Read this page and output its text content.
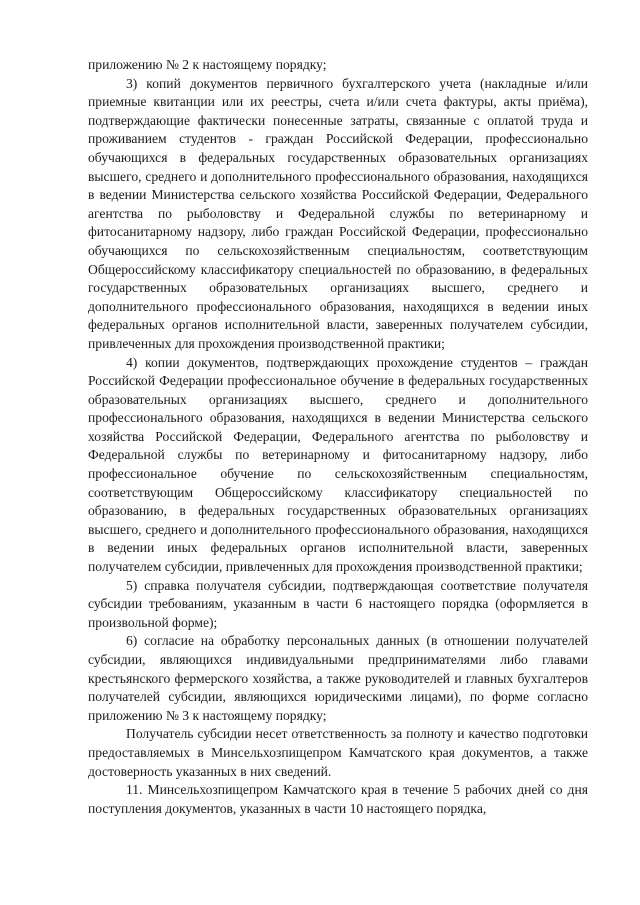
приложению № 2 к настоящему порядку;

3) копий документов первичного бухгалтерского учета (накладные и/или приемные квитанции или их реестры, счета и/или счета фактуры, акты приёма), подтверждающие фактически понесенные затраты, связанные с оплатой труда и проживанием студентов - граждан Российской Федерации, профессионально обучающихся в федеральных государственных образовательных организациях высшего, среднего и дополнительного профессионального образования, находящихся в ведении Министерства сельского хозяйства Российской Федерации, Федерального агентства по рыболовству и Федеральной службы по ветеринарному и фитосанитарному надзору, либо граждан Российской Федерации, профессионально обучающихся по сельскохозяйственным специальностям, соответствующим Общероссийскому классификатору специальностей по образованию, в федеральных государственных образовательных организациях высшего, среднего и дополнительного профессионального образования, находящихся в ведении иных федеральных органов исполнительной власти, заверенных получателем субсидии, привлеченных для прохождения производственной практики;

4) копии документов, подтверждающих прохождение студентов – граждан Российской Федерации профессиональное обучение в федеральных государственных образовательных организациях высшего, среднего и дополнительного профессионального образования, находящихся в ведении Министерства сельского хозяйства Российской Федерации, Федерального агентства по рыболовству и Федеральной службы по ветеринарному и фитосанитарному надзору, либо профессиональное обучение по сельскохозяйственным специальностям, соответствующим Общероссийскому классификатору специальностей по образованию, в федеральных государственных образовательных организациях высшего, среднего и дополнительного профессионального образования, находящихся в ведении иных федеральных органов исполнительной власти, заверенных получателем субсидии, привлеченных для прохождения производственной практики;

5) справка получателя субсидии, подтверждающая соответствие получателя субсидии требованиям, указанным в части 6 настоящего порядка (оформляется в произвольной форме);

6) согласие на обработку персональных данных (в отношении получателей субсидии, являющихся индивидуальными предпринимателями либо главами крестьянского фермерского хозяйства, а также руководителей и главных бухгалтеров получателей субсидии, являющихся юридическими лицами), по форме согласно приложению № 3 к настоящему порядку;

Получатель субсидии несет ответственность за полноту и качество подготовки предоставляемых в Минсельхозпищепром Камчатского края документов, а также достоверность указанных в них сведений.

11. Минсельхозпищепром Камчатского края в течение 5 рабочих дней со дня поступления документов, указанных в части 10 настоящего порядка,
